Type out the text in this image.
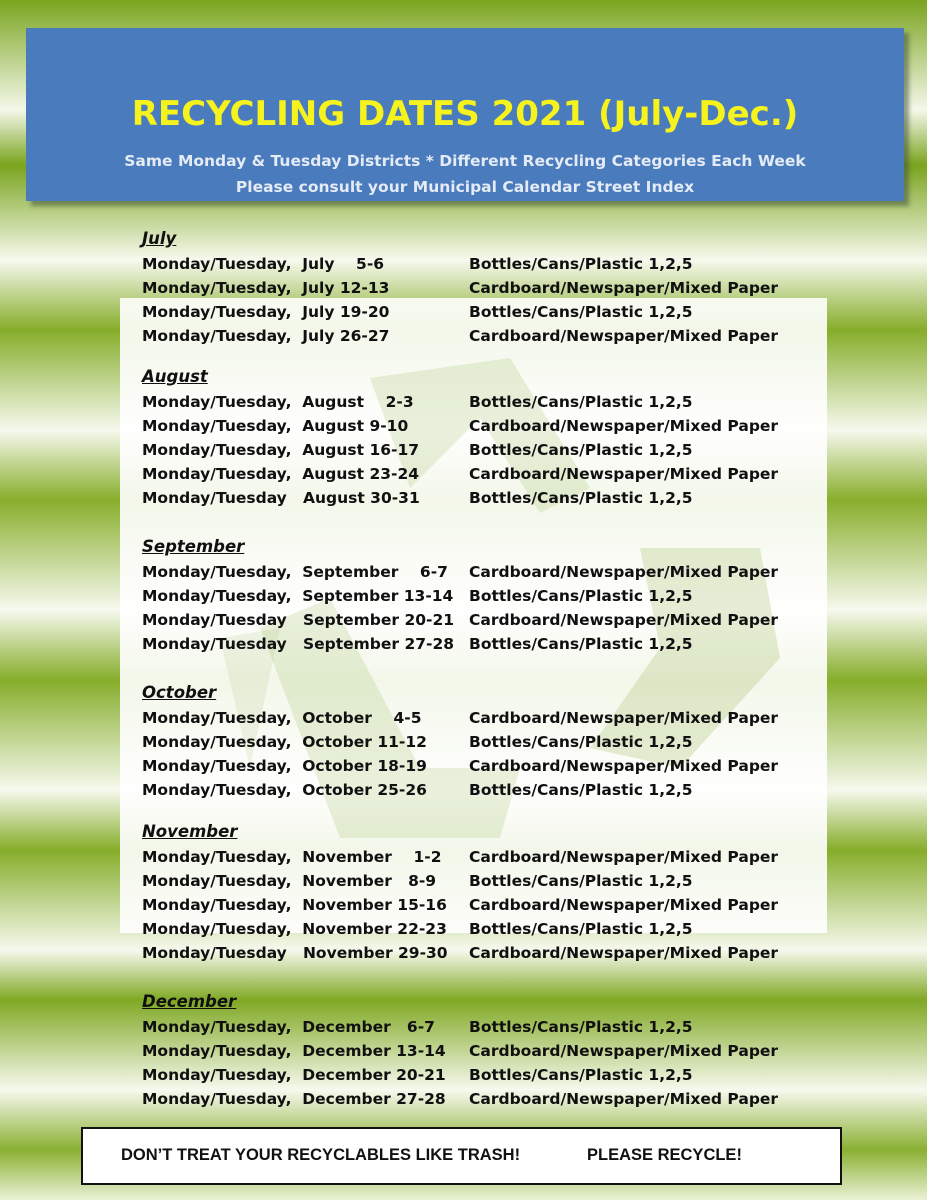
RECYCLING DATES 2021 (July-Dec.)
Same Monday & Tuesday Districts * Different Recycling Categories Each Week
Please consult your Municipal Calendar Street Index
July
Monday/Tuesday,  July    5-6	Bottles/Cans/Plastic 1,2,5
Monday/Tuesday,  July 12-13	Cardboard/Newspaper/Mixed Paper
Monday/Tuesday,  July 19-20	Bottles/Cans/Plastic 1,2,5
Monday/Tuesday,  July 26-27	Cardboard/Newspaper/Mixed Paper
August
Monday/Tuesday,  August    2-3	Bottles/Cans/Plastic 1,2,5
Monday/Tuesday,  August 9-10	Cardboard/Newspaper/Mixed Paper
Monday/Tuesday,  August 16-17	Bottles/Cans/Plastic 1,2,5
Monday/Tuesday,  August 23-24	Cardboard/Newspaper/Mixed Paper
Monday/Tuesday   August 30-31	Bottles/Cans/Plastic 1,2,5
September
Monday/Tuesday,  September    6-7 Cardboard/Newspaper/Mixed Paper
Monday/Tuesday,  September 13-14 Bottles/Cans/Plastic 1,2,5
Monday/Tuesday   September 20-21 Cardboard/Newspaper/Mixed Paper
Monday/Tuesday   September 27-28 Bottles/Cans/Plastic 1,2,5
October
Monday/Tuesday,  October    4-5	Cardboard/Newspaper/Mixed Paper
Monday/Tuesday,  October 11-12	Bottles/Cans/Plastic 1,2,5
Monday/Tuesday,  October 18-19	Cardboard/Newspaper/Mixed Paper
Monday/Tuesday,  October 25-26	Bottles/Cans/Plastic 1,2,5
November
Monday/Tuesday,  November    1-2 Cardboard/Newspaper/Mixed Paper
Monday/Tuesday,  November   8-9 Bottles/Cans/Plastic 1,2,5
Monday/Tuesday,  November 15-16 Cardboard/Newspaper/Mixed Paper
Monday/Tuesday,  November 22-23 Bottles/Cans/Plastic 1,2,5
Monday/Tuesday   November 29-30 Cardboard/Newspaper/Mixed Paper
December
Monday/Tuesday,  December   6-7 Bottles/Cans/Plastic 1,2,5
Monday/Tuesday,  December 13-14 Cardboard/Newspaper/Mixed Paper
Monday/Tuesday,  December 20-21 Bottles/Cans/Plastic 1,2,5
Monday/Tuesday,  December 27-28 Cardboard/Newspaper/Mixed Paper
DON’T TREAT YOUR RECYCLABLES LIKE TRASH!	PLEASE RECYCLE!
